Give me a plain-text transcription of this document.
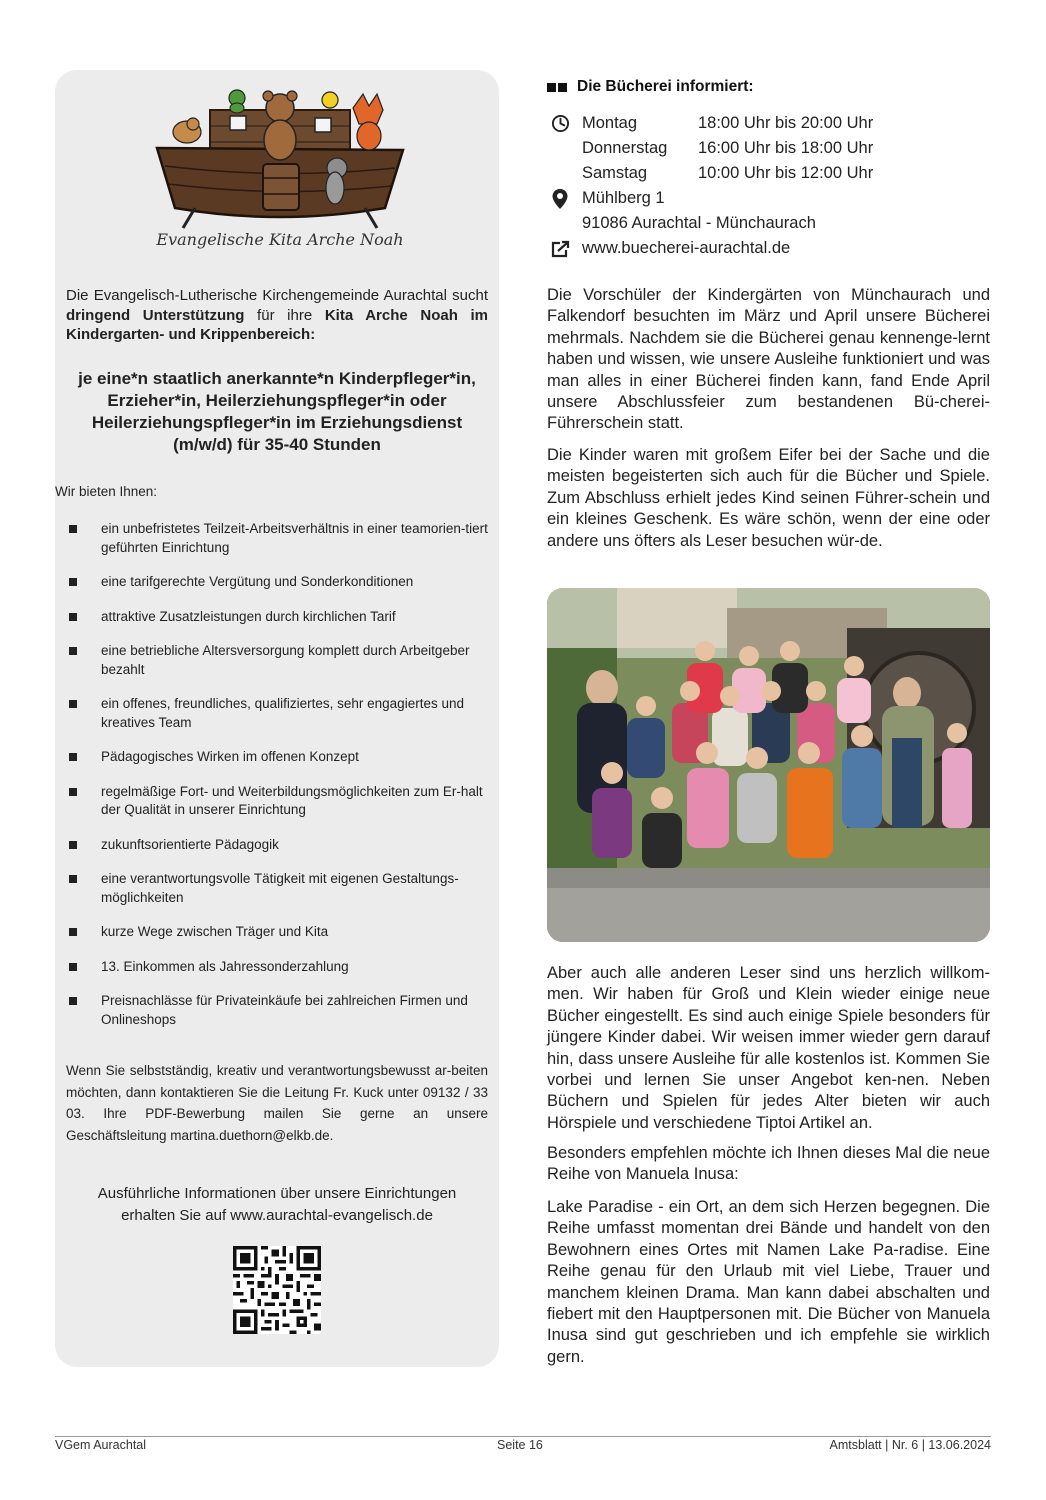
Evangelische Kita Arche Noah

Die Evangelisch-Lutherische Kirchengemeinde Aurachtal sucht dringend Unterstützung für ihre Kita Arche Noah im Kindergarten- und Krippenbereich:

je eine*n staatlich anerkannte*n Kinderpfleger*in,
Erzieher*in, Heilerziehungspfleger*in oder
Heilerziehungspfleger*in im Erziehungsdienst
(m/w/d) für 35-40 Stunden
Wir bieten Ihnen:
ein unbefristetes Teilzeit-Arbeitsverhältnis in einer teamorien-tiert geführten Einrichtung
eine tarifgerechte Vergütung und Sonderkonditionen
attraktive Zusatzleistungen durch kirchlichen Tarif
eine betriebliche Altersversorgung komplett durch Arbeitgeber bezahlt
ein offenes, freundliches, qualifiziertes, sehr engagiertes und kreatives Team
Pädagogisches Wirken im offenen Konzept
regelmäßige Fort- und Weiterbildungsmöglichkeiten zum Er-halt der Qualität in unserer Einrichtung
zukunftsorientierte Pädagogik
eine verantwortungsvolle Tätigkeit mit eigenen Gestaltungs-möglichkeiten
kurze Wege zwischen Träger und Kita
13. Einkommen als Jahressonderzahlung
Preisnachlässe für Privateinkäufe bei zahlreichen Firmen und Onlineshops

Wenn Sie selbstständig, kreativ und verantwortungsbewusst ar-beiten möchten, dann kontaktieren Sie die Leitung Fr. Kuck unter 09132 / 33 03. Ihre PDF-Bewerbung mailen Sie gerne an unsere Geschäftsleitung martina.duethorn@elkb.de.

Ausführliche Informationen über unsere Einrichtungen
erhalten Sie auf www.aurachtal-evangelisch.de
Die Bücherei informiert:
Montag	18:00 Uhr bis 20:00 Uhr
Donnerstag 16:00 Uhr bis 18:00 Uhr
Samstag	10:00 Uhr bis 12:00 Uhr
Mühlberg 1
91086 Aurachtal - Münchaurach
www.buecherei-aurachtal.de

Die Vorschüler der Kindergärten von Münchaurach und Falkendorf besuchten im März und April unsere Bücherei mehrmals. Nachdem sie die Bücherei genau kennenge-lernt haben und wissen, wie unsere Ausleihe funktioniert und was man alles in einer Bücherei finden kann, fand Ende April unsere Abschlussfeier zum bestandenen Bü-cherei-Führerschein statt.

Die Kinder waren mit großem Eifer bei der Sache und die meisten begeisterten sich auch für die Bücher und Spiele. Zum Abschluss erhielt jedes Kind seinen Führer-schein und ein kleines Geschenk. Es wäre schön, wenn der eine oder andere uns öfters als Leser besuchen wür-de.

Aber auch alle anderen Leser sind uns herzlich willkom-men. Wir haben für Groß und Klein wieder einige neue Bücher eingestellt. Es sind auch einige Spiele besonders für jüngere Kinder dabei. Wir weisen immer wieder gern darauf hin, dass unsere Ausleihe für alle kostenlos ist. Kommen Sie vorbei und lernen Sie unser Angebot ken-nen. Neben Büchern und Spielen für jedes Alter bieten wir auch Hörspiele und verschiedene Tiptoi Artikel an.

Besonders empfehlen möchte ich Ihnen dieses Mal die neue Reihe von Manuela Inusa:

Lake Paradise - ein Ort, an dem sich Herzen begegnen. Die Reihe umfasst momentan drei Bände und handelt von den Bewohnern eines Ortes mit Namen Lake Pa-radise. Eine Reihe genau für den Urlaub mit viel Liebe, Trauer und manchem kleinen Drama. Man kann dabei abschalten und fiebert mit den Hauptpersonen mit. Die Bücher von Manuela Inusa sind gut geschrieben und ich empfehle sie wirklich gern.

VGem Aurachtal	Seite 16	Amtsblatt | Nr. 6 | 13.06.2024
